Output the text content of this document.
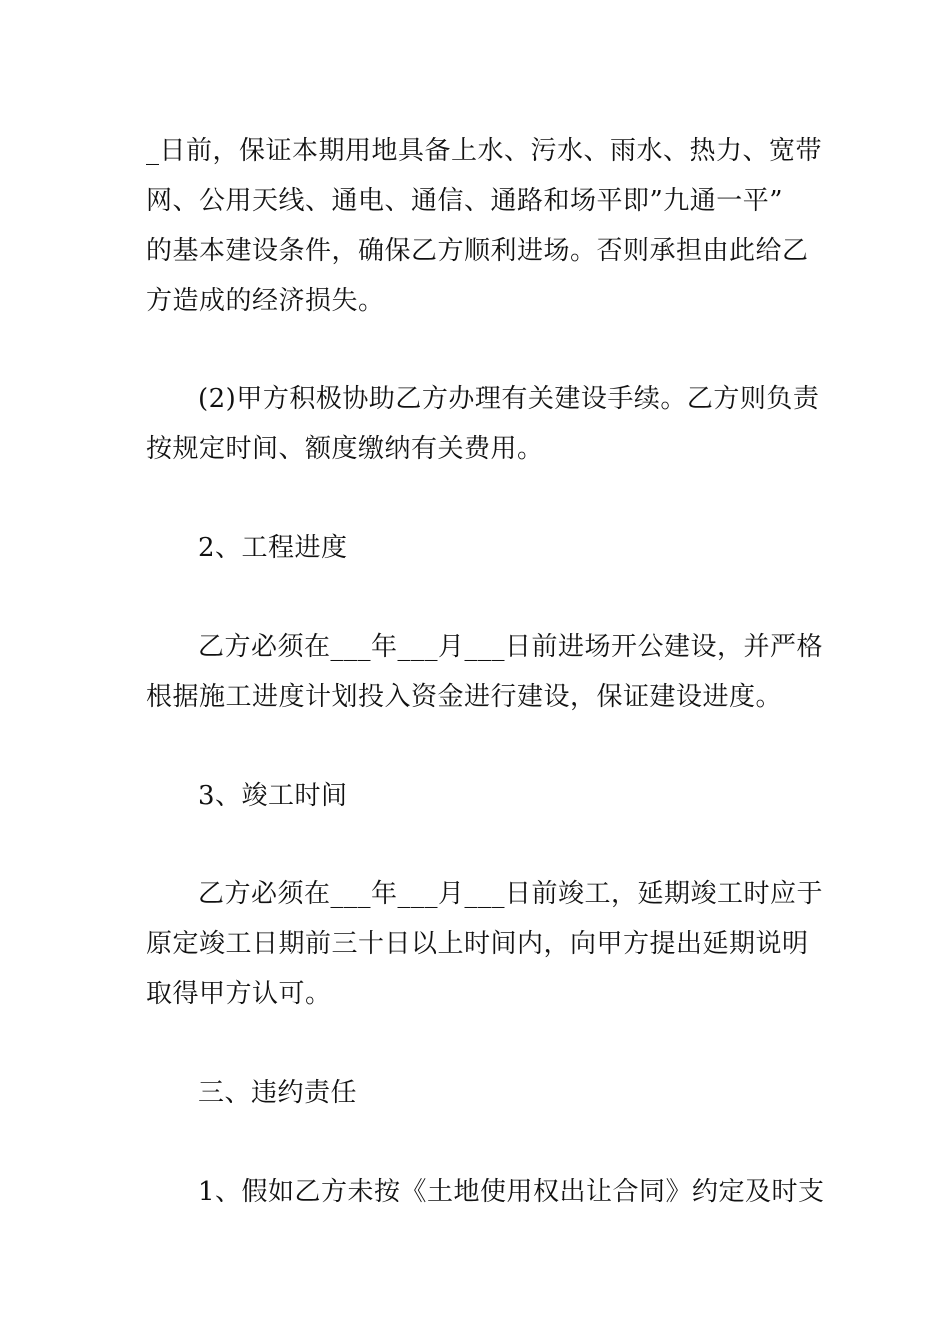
_日前，保证本期用地具备上水、污水、雨水、热力、宽带
网、公用天线、通电、通信、通路和场平即”九通一平”
的基本建设条件，确保乙方顺利进场。否则承担由此给乙
方造成的经济损失。
(2)甲方积极协助乙方办理有关建设手续。乙方则负责
按规定时间、额度缴纳有关费用。
2、工程进度
乙方必须在___年___月___日前进场开公建设，并严格
根据施工进度计划投入资金进行建设，保证建设进度。
3、竣工时间
乙方必须在___年___月___日前竣工，延期竣工时应于
原定竣工日期前三十日以上时间内，向甲方提出延期说明
取得甲方认可。
三、违约责任
1、假如乙方未按《土地使用权出让合同》约定及时支
